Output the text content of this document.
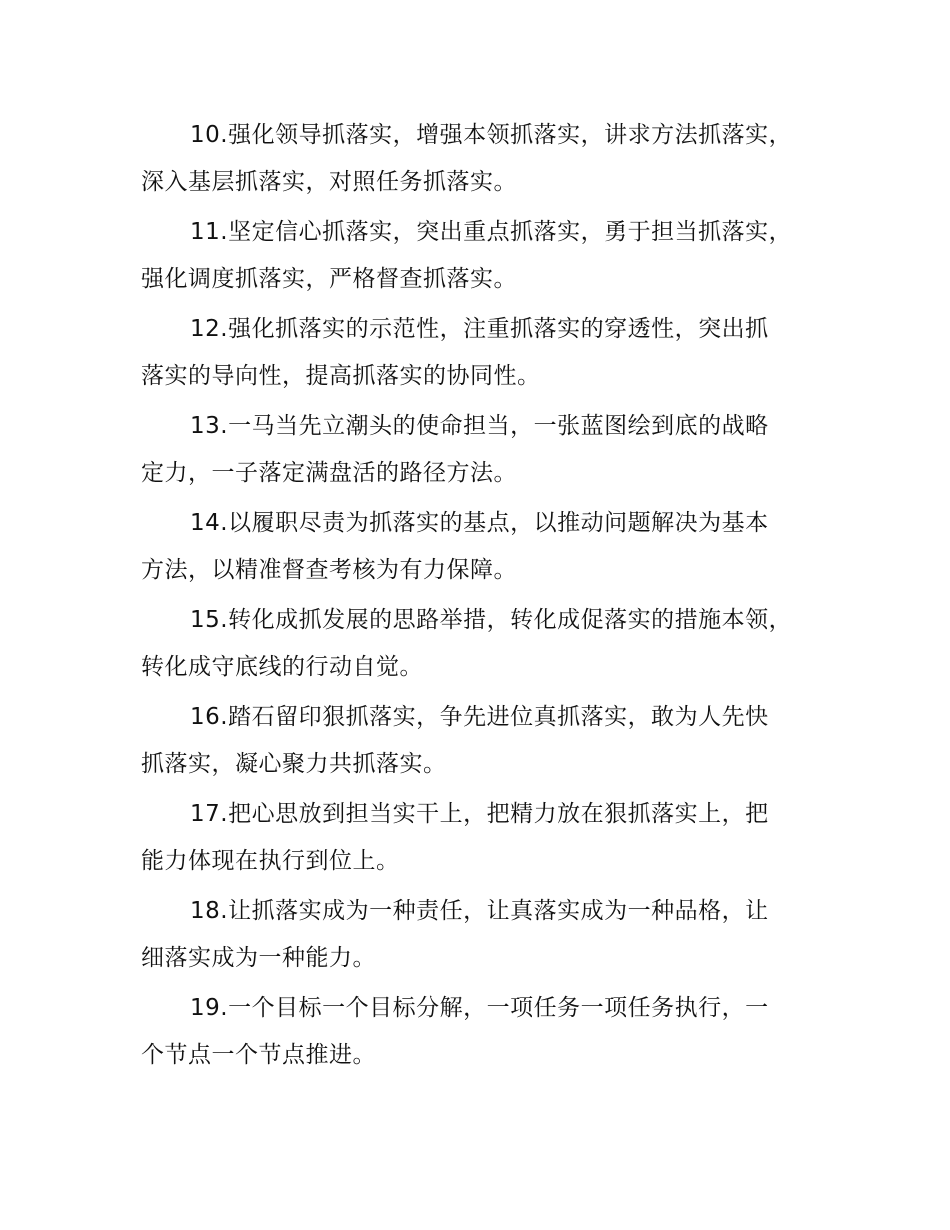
10.强化领导抓落实，增强本领抓落实，讲求方法抓落实，
深入基层抓落实，对照任务抓落实。

11.坚定信心抓落实，突出重点抓落实，勇于担当抓落实，
强化调度抓落实，严格督查抓落实。

12.强化抓落实的示范性，注重抓落实的穿透性，突出抓
落实的导向性，提高抓落实的协同性。

13.一马当先立潮头的使命担当，一张蓝图绘到底的战略
定力，一子落定满盘活的路径方法。

14.以履职尽责为抓落实的基点，以推动问题解决为基本
方法，以精准督查考核为有力保障。

15.转化成抓发展的思路举措，转化成促落实的措施本领，
转化成守底线的行动自觉。

16.踏石留印狠抓落实，争先进位真抓落实，敢为人先快
抓落实，凝心聚力共抓落实。

17.把心思放到担当实干上，把精力放在狠抓落实上，把
能力体现在执行到位上。

18.让抓落实成为一种责任，让真落实成为一种品格，让
细落实成为一种能力。

19.一个目标一个目标分解，一项任务一项任务执行，一
个节点一个节点推进。
